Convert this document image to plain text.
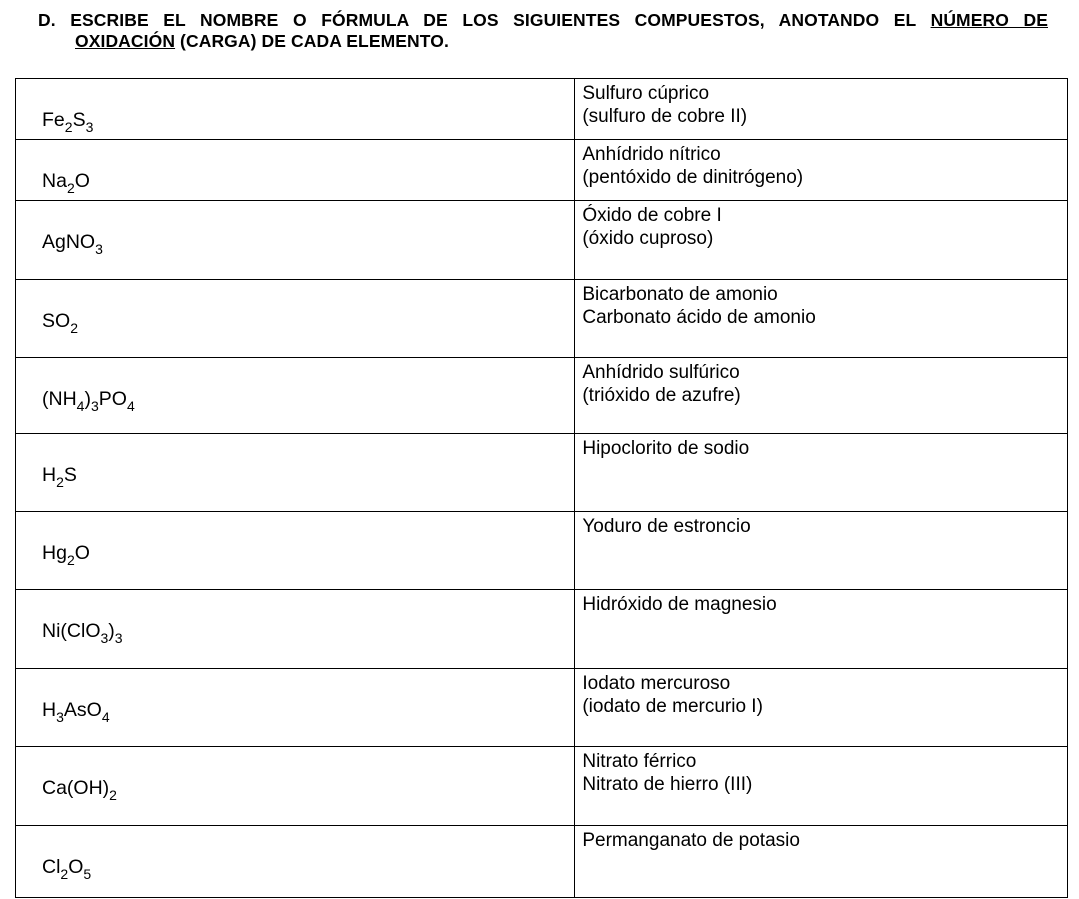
D. ESCRIBE EL NOMBRE O FÓRMULA DE LOS SIGUIENTES COMPUESTOS, ANOTANDO EL NÚMERO DE
OXIDACIÓN (CARGA) DE CADA ELEMENTO.
$Fe_2S_3$	Sulfuro cúprico
(sulfuro de cobre II)

$Na_2O$	Anhídrido nítrico
(pentóxido de dinitrógeno)

AgNO$_3$	Óxido de cobre I
(óxido cuproso)

$SO_2$	Bicarbonato de amonio
Carbonato ácido de amonio

$(NH_4)_3PO_4$	Anhídrido sulfúrico
(trióxido de azufre)

$H_2S$	Hipoclorito de sodio

$Hg_2O$	Yoduro de estroncio

$Ni(ClO_3)_3$	Hidróxido de magnesio

$H_3AsO_4$	Iodato mercuroso
(iodato de mercurio I)

$Ca(OH)_2$	Nitrato férrico
Nitrato de hierro (III)

$Cl_2O_5$	Permanganato de potasio
